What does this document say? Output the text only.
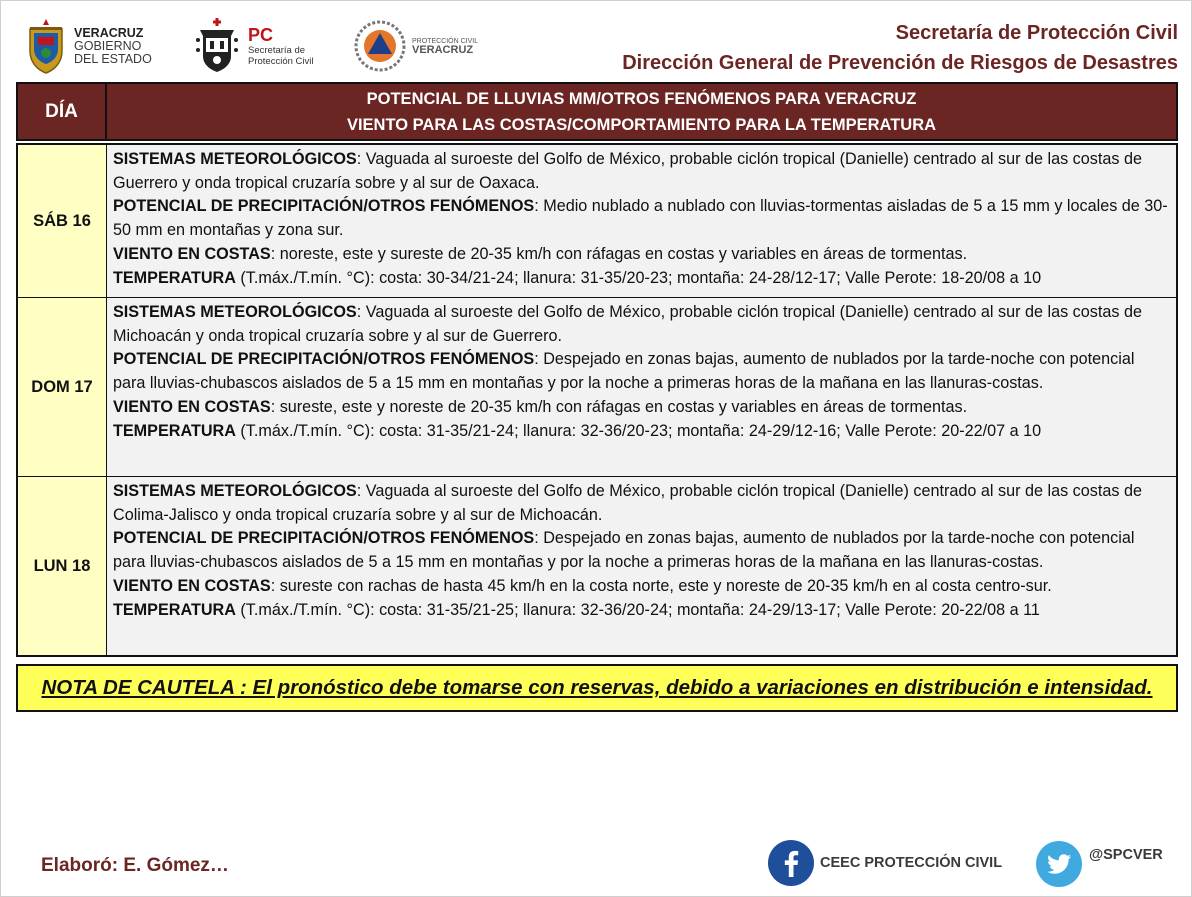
VERACRUZ
GOBIERNO
DEL ESTADO
PC
Secretaría de
Protección Civil
PROTECCIÓN CIVIL
VERACRUZ
Secretaría de Protección Civil
Dirección General de Prevención de Riesgos de Desastres
DÍA
POTENCIAL DE LLUVIAS MM/OTROS FENÓMENOS PARA VERACRUZ
VIENTO PARA LAS COSTAS/COMPORTAMIENTO PARA LA TEMPERATURA
SÁB 16

SISTEMAS METEOROLÓGICOS: Vaguada al suroeste del Golfo de México, probable ciclón tropical (Danielle) centrado al sur de las costas de Guerrero y onda tropical cruzaría sobre y al sur de Oaxaca.

POTENCIAL DE PRECIPITACIÓN/OTROS FENÓMENOS: Medio nublado a nublado con lluvias-tormentas aisladas de 5 a 15 mm y locales de 30-50 mm en montañas y zona sur.

VIENTO EN COSTAS: noreste, este y sureste de 20-35 km/h con ráfagas en costas y variables en áreas de tormentas.

TEMPERATURA (T.máx./T.mín. °C): costa: 30-34/21-24; llanura: 31-35/20-23; montaña: 24-28/12-17; Valle Perote: 18-20/08 a 10

DOM 17

SISTEMAS METEOROLÓGICOS: Vaguada al suroeste del Golfo de México, probable ciclón tropical (Danielle) centrado al sur de las costas de Michoacán y onda tropical cruzaría sobre y al sur de Guerrero.

POTENCIAL DE PRECIPITACIÓN/OTROS FENÓMENOS: Despejado en zonas bajas, aumento de nublados por la tarde-noche con potencial para lluvias-chubascos aislados de 5 a 15 mm en montañas y por la noche a primeras horas de la mañana en las llanuras-costas.

VIENTO EN COSTAS: sureste, este y noreste de 20-35 km/h con ráfagas en costas y variables en áreas de tormentas.

TEMPERATURA (T.máx./T.mín. °C): costa: 31-35/21-24; llanura: 32-36/20-23; montaña: 24-29/12-16; Valle Perote: 20-22/07 a 10

LUN 18

SISTEMAS METEOROLÓGICOS: Vaguada al suroeste del Golfo de México, probable ciclón tropical (Danielle) centrado al sur de las costas de Colima-Jalisco y onda tropical cruzaría sobre y al sur de Michoacán.

POTENCIAL DE PRECIPITACIÓN/OTROS FENÓMENOS: Despejado en zonas bajas, aumento de nublados por la tarde-noche con potencial para lluvias-chubascos aislados de 5 a 15 mm en montañas y por la noche a primeras horas de la mañana en las llanuras-costas.

VIENTO EN COSTAS: sureste con rachas de hasta 45 km/h en la costa norte, este y noreste de 20-35 km/h en al costa centro-sur.

TEMPERATURA (T.máx./T.mín. °C): costa: 31-35/21-25; llanura: 32-36/20-24; montaña: 24-29/13-17; Valle Perote: 20-22/08 a 11

NOTA DE CAUTELA : El pronóstico debe tomarse con reservas, debido a variaciones en distribución e intensidad.
Elaboró: E. Gómez…	CEEC PROTECCIÓN CIVIL	@SPCVER
